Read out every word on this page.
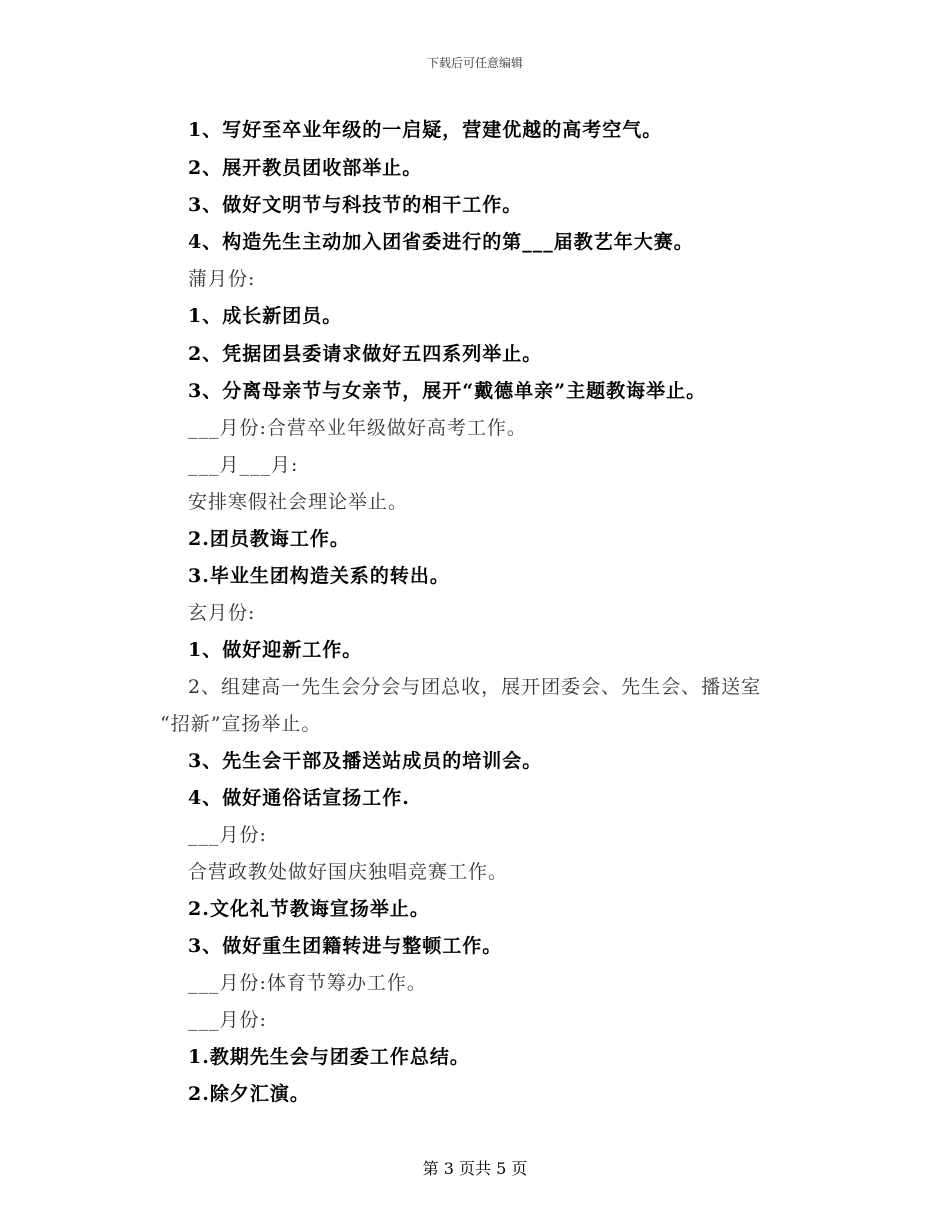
下载后可任意编辑
1、写好至卒业年级的一启疑，营建优越的高考空气。
2、展开教员团收部举止。
3、做好文明节与科技节的相干工作。
4、构造先生主动加入团省委进行的第___届教艺年大赛。
蒲月份:
1、成长新团员。
2、凭据团县委请求做好五四系列举止。
3、分离母亲节与女亲节，展开“戴德单亲”主题教诲举止。
___月份:合营卒业年级做好高考工作。
___月___月:
安排寒假社会理论举止。
2.团员教诲工作。
3.毕业生团构造关系的转出。
玄月份:
1、做好迎新工作。
2、组建高一先生会分会与团总收，展开团委会、先生会、播送室
“招新”宣扬举止。
3、先生会干部及播送站成员的培训会。
4、做好通俗话宣扬工作.
___月份:
合营政教处做好国庆独唱竞赛工作。
2.文化礼节教诲宣扬举止。
3、做好重生团籍转进与整顿工作。
___月份:体育节筹办工作。
___月份:
1.教期先生会与团委工作总结。
2.除夕汇演。
第 3 页共 5 页
